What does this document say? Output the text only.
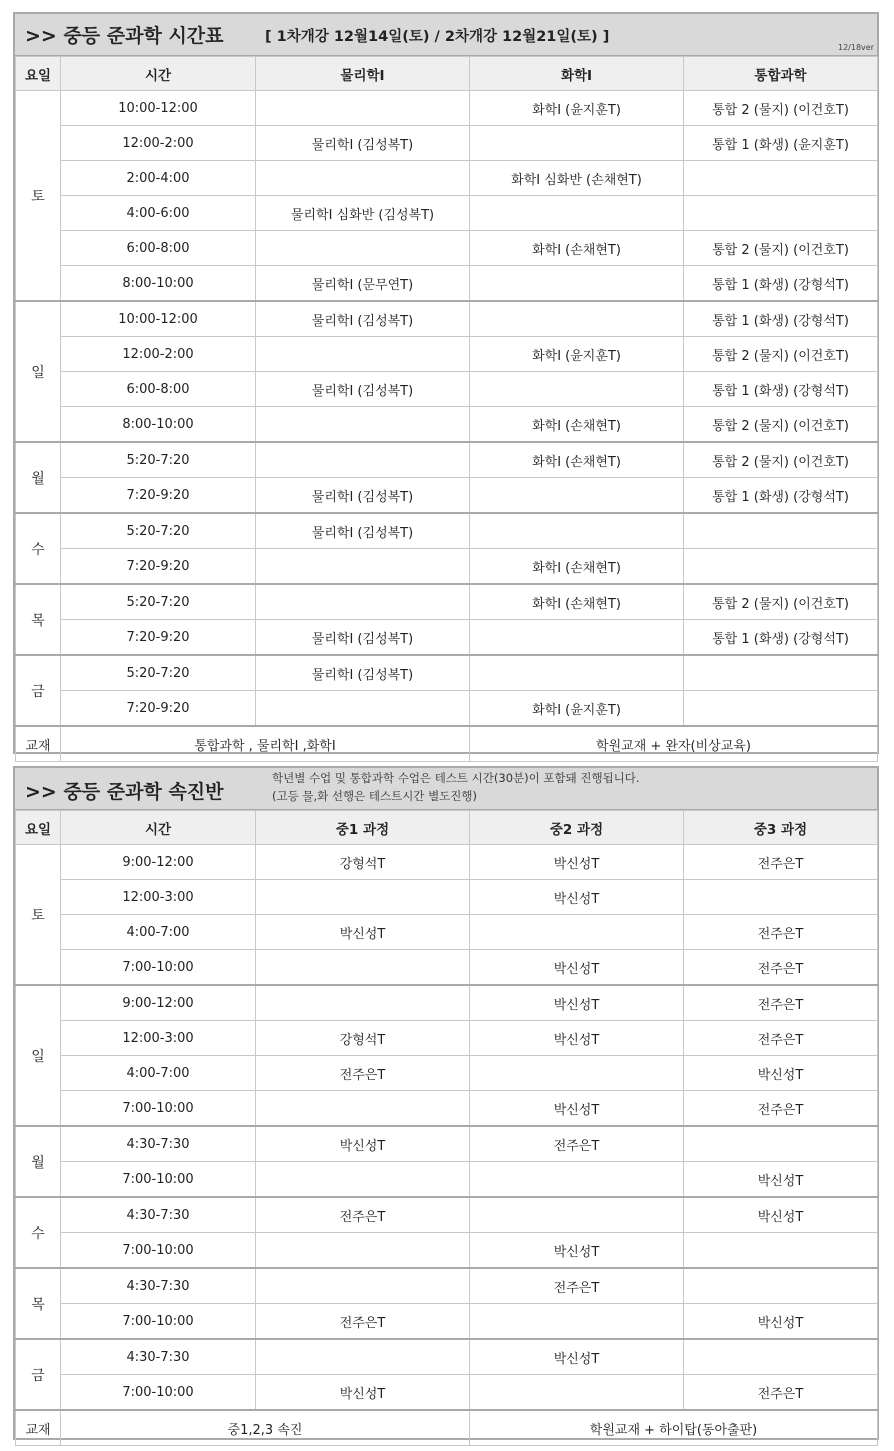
>> 중등 준과학 시간표	[ 1차개강 12월14일(토) / 2차개강 12월21일(토) ]
12/18ver
요일	시간	물리학I	화학I	통합과학
토	10:00-12:00		화학I (윤지훈T)	통합 2 (물지) (이건호T)
	12:00-2:00	물리학I (김성복T)		통합 1 (화생) (윤지훈T)
	2:00-4:00		화학I 심화반 (손채현T)	
	4:00-6:00	물리학I 심화반 (김성복T)		
	6:00-8:00		화학I (손채현T)	통합 2 (물지) (이건호T)
	8:00-10:00	물리학I (문무연T)		통합 1 (화생) (강형석T)
일	10:00-12:00	물리학I (김성복T)		통합 1 (화생) (강형석T)
	12:00-2:00		화학I (윤지훈T)	통합 2 (물지) (이건호T)
	6:00-8:00	물리학I (김성복T)		통합 1 (화생) (강형석T)
	8:00-10:00		화학I (손채현T)	통합 2 (물지) (이건호T)
월	5:20-7:20		화학I (손채현T)	통합 2 (물지) (이건호T)
	7:20-9:20	물리학I (김성복T)		통합 1 (화생) (강형석T)
수	5:20-7:20	물리학I (김성복T)		
	7:20-9:20		화학I (손채현T)	
목	5:20-7:20		화학I (손채현T)	통합 2 (물지) (이건호T)
	7:20-9:20	물리학I (김성복T)		통합 1 (화생) (강형석T)
금	5:20-7:20	물리학I (김성복T)		
	7:20-9:20		화학I (윤지훈T)	
교재	통합과학 , 물리학Ⅰ ,화학Ⅰ		학원교재 + 완자(비상교육)	
>> 중등 준과학 속진반
학년별 수업 및 통합과학 수업은 테스트 시간(30분)이 포함돼 진행됩니다.
(고등 물,화 선행은 테스트시간 별도진행)
요일	시간	중1 과정	중2 과정	중3 과정
토	9:00-12:00	강형석T	박신성T	전주은T
	12:00-3:00		박신성T	
	4:00-7:00	박신성T		전주은T
	7:00-10:00		박신성T	전주은T
일	9:00-12:00		박신성T	전주은T
	12:00-3:00	강형석T	박신성T	전주은T
	4:00-7:00	전주은T		박신성T
	7:00-10:00		박신성T	전주은T
월	4:30-7:30	박신성T	전주은T	
	7:00-10:00			박신성T
수	4:30-7:30	전주은T		박신성T
	7:00-10:00		박신성T	
목	4:30-7:30		전주은T	
	7:00-10:00	전주은T		박신성T
금	4:30-7:30		박신성T	
	7:00-10:00	박신성T		전주은T
교재	중1,2,3 속진		학원교재 + 하이탑(동아출판)	
